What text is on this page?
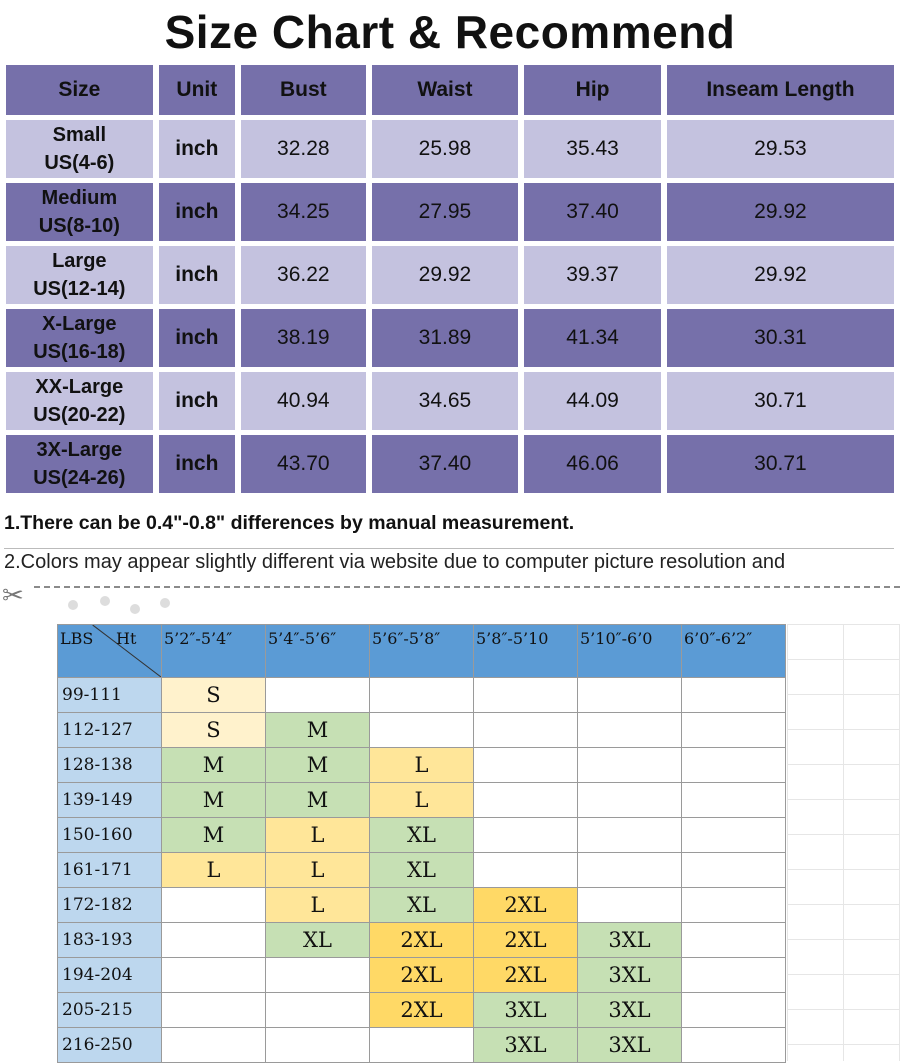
Size Chart & Recommend
Size	Unit	Bust	Waist	Hip	Inseam Length

Small
US(4-6)	inch	32.28	25.98	35.43	29.53

Medium
US(8-10)	inch	34.25	27.95	37.40	29.92

Large
US(12-14)	inch	36.22	29.92	39.37	29.92

X-Large
US(16-18)	inch	38.19	31.89	41.34	30.31

XX-Large
US(20-22)	inch	40.94	34.65	44.09	30.71

3X-Large
US(24-26)	inch	43.70	37.40	46.06	30.71
1.There can be 0.4"-0.8" differences by manual measurement.
2.Colors may appear slightly different via website due to computer picture resolution and
✂
LBS Ht	5’2″-5’4″	5’4″-5’6″	5’6″-5’8″	5’8″-5’10	5’10″-6’0	6’0″-6’2″
99-111	S					
112-127	S	M				
128-138	M	M	L			
139-149	M	M	L			
150-160	M	L	XL			
161-171	L	L	XL			
172-182		L	XL	2XL		
183-193		XL	2XL	2XL	3XL	
194-204			2XL	2XL	3XL	
205-215			2XL	3XL	3XL	
216-250				3XL	3XL	
